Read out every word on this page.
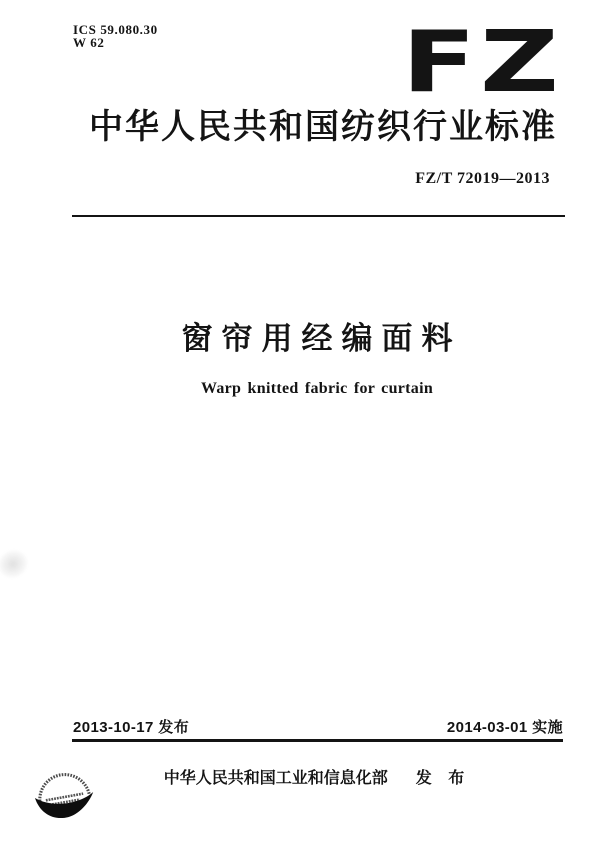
ICS 59.080.30
W 62	FZ
中华人民共和国纺织行业标准
FZ/T 72019—2013
窗帘用经编面料
Warp knitted fabric for curtain
2013-10-17 发布	2014-03-01 实施
中华人民共和国工业和信息化部 发 布
